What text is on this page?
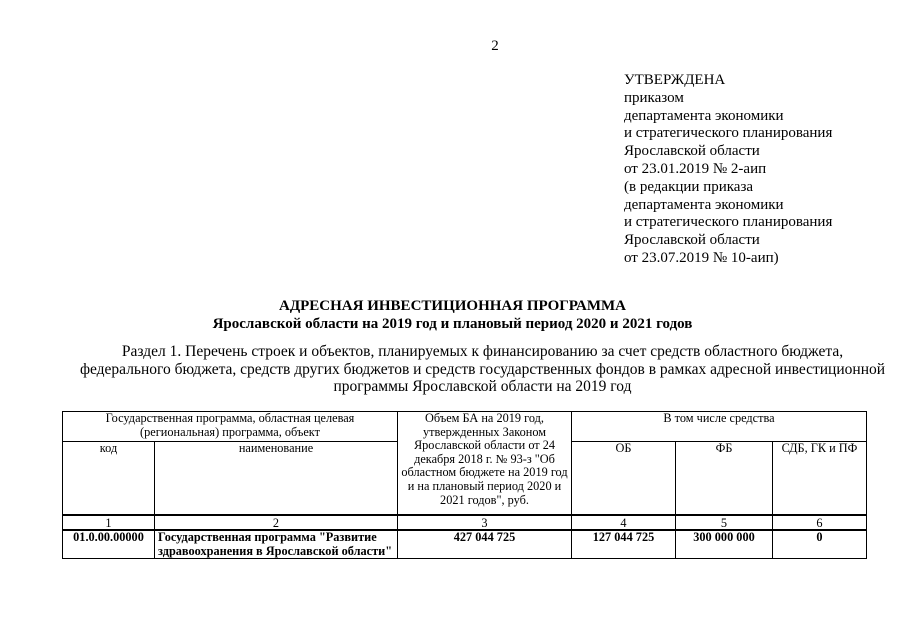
2
УТВЕРЖДЕНА
приказом
департамента экономики
и стратегического планирования
Ярославской области
от 23.01.2019 № 2-аип
(в редакции приказа
департамента экономики
и стратегического планирования
Ярославской области
от 23.07.2019 № 10-аип)
АДРЕСНАЯ ИНВЕСТИЦИОННАЯ ПРОГРАММА
Ярославской области на 2019 год и плановый период 2020 и 2021 годов
Раздел 1. Перечень строек и объектов, планируемых к финансированию за счет средств областного бюджета,
федерального бюджета, средств других бюджетов и средств государственных фондов в рамках адресной инвестиционной
программы Ярославской области на 2019 год
Государственная программа, областная целевая (региональная) программа, объект		Объем БА на 2019 год, утвержденных Законом Ярославской области от 24 декабря 2018 г. № 93-з "Об областном бюджете на 2019 год и на плановый период 2020 и 2021 годов", руб.	В том числе средства		
код	наименование		ОБ	ФБ	СДБ, ГК и ПФ
1	2	3	4	5	6
01.0.00.00000	Государственная программа "Развитие здравоохранения в Ярославской области"	427 044 725	127 044 725	300 000 000	0
